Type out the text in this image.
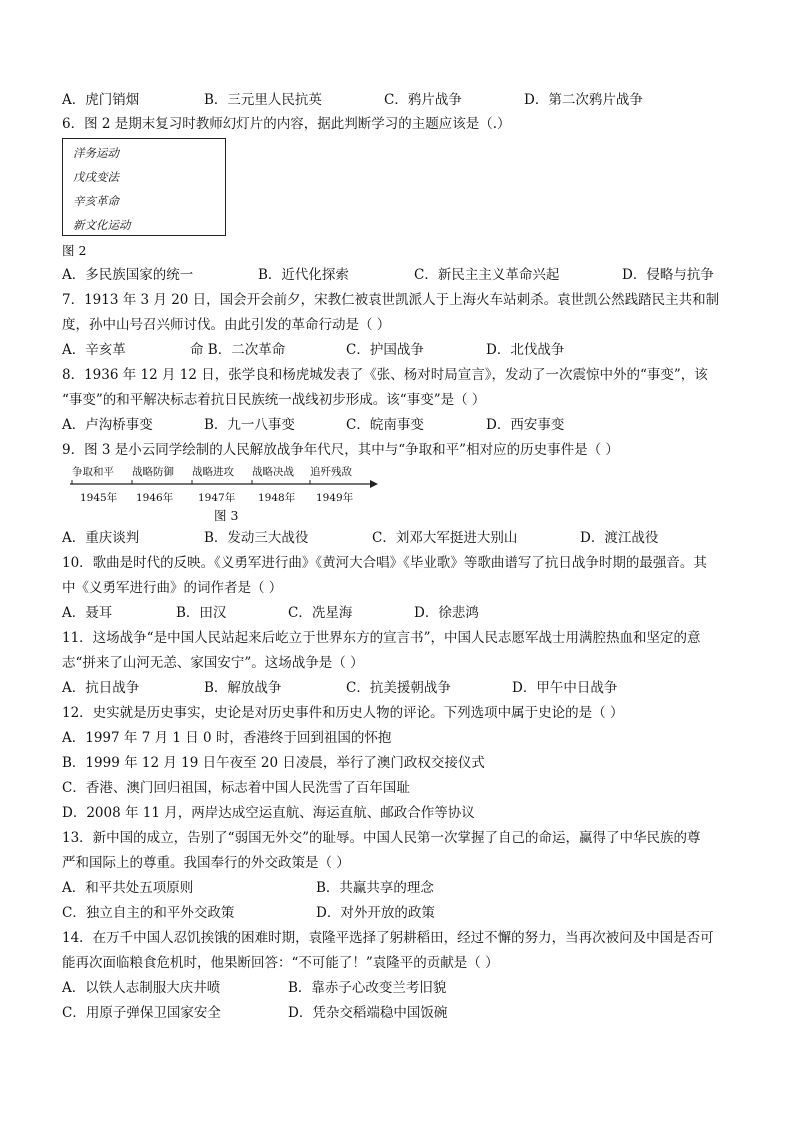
A．虎门销烟	B．三元里人民抗英	C．鸦片战争	D．第二次鸦片战争
6．图 2 是期末复习时教师幻灯片的内容，据此判断学习的主题应该是（.）
洋务运动
戊戌变法
辛亥革命
新文化运动
图 2
A．多民族国家的统一	B．近代化探索	C．新民主主义革命兴起	D．侵略与抗争
7．1913 年 3 月 20 日，国会开会前夕，宋教仁被袁世凯派人于上海火车站刺杀。袁世凯公然践踏民主共和制
度，孙中山号召兴师讨伐。由此引发的革命行动是（ ）
A．辛亥革	命 B．二次革命	C．护国战争	D．北伐战争
8．1936 年 12 月 12 日，张学良和杨虎城发表了《张、杨对时局宣言》，发动了一次震惊中外的“事变”，该
“事变”的和平解决标志着抗日民族统一战线初步形成。该“事变”是（ ）
A．卢沟桥事变	B．九一八事变	C．皖南事变	D．西安事变
9．图 3 是小云同学绘制的人民解放战争年代尺，其中与“争取和平”相对应的历史事件是（ ）
争取和平 战略防御 战略进攻 战略决战 追歼残敌
1945年 1946年 1947年 1948年 1949年
图 3
A．重庆谈判	B．发动三大战役	C．刘邓大军挺进大别山	D．渡江战役
10．歌曲是时代的反映。《义勇军进行曲》《黄河大合唱》《毕业歌》等歌曲谱写了抗日战争时期的最强音。其
中《义勇军进行曲》的词作者是（ ）
A．聂耳	B．田汉	C．冼星海	D．徐悲鸿
11．这场战争“是中国人民站起来后屹立于世界东方的宣言书”，中国人民志愿军战士用满腔热血和坚定的意
志“拼来了山河无恙、家国安宁”。这场战争是（ ）
A．抗日战争	B．解放战争	C．抗美援朝战争	D．甲午中日战争
12．史实就是历史事实，史论是对历史事件和历史人物的评论。下列选项中属于史论的是（ ）
A．1997 年 7 月 1 日 0 时，香港终于回到祖国的怀抱
B．1999 年 12 月 19 日午夜至 20 日凌晨，举行了澳门政权交接仪式
C．香港、澳门回归祖国，标志着中国人民洗雪了百年国耻
D．2008 年 11 月，两岸达成空运直航、海运直航、邮政合作等协议
13．新中国的成立，告别了“弱国无外交”的耻辱。中国人民第一次掌握了自己的命运，赢得了中华民族的尊
严和国际上的尊重。我国奉行的外交政策是（ ）
A．和平共处五项原则	B．共赢共享的理念
C．独立自主的和平外交政策	D．对外开放的政策
14．在万千中国人忍饥挨饿的困难时期，袁隆平选择了躬耕稻田，经过不懈的努力，当再次被问及中国是否可
能再次面临粮食危机时，他果断回答：“不可能了！”袁隆平的贡献是（ ）
A．以铁人志制服大庆井喷	B．靠赤子心改变兰考旧貌
C．用原子弹保卫国家安全	D．凭杂交稻端稳中国饭碗
